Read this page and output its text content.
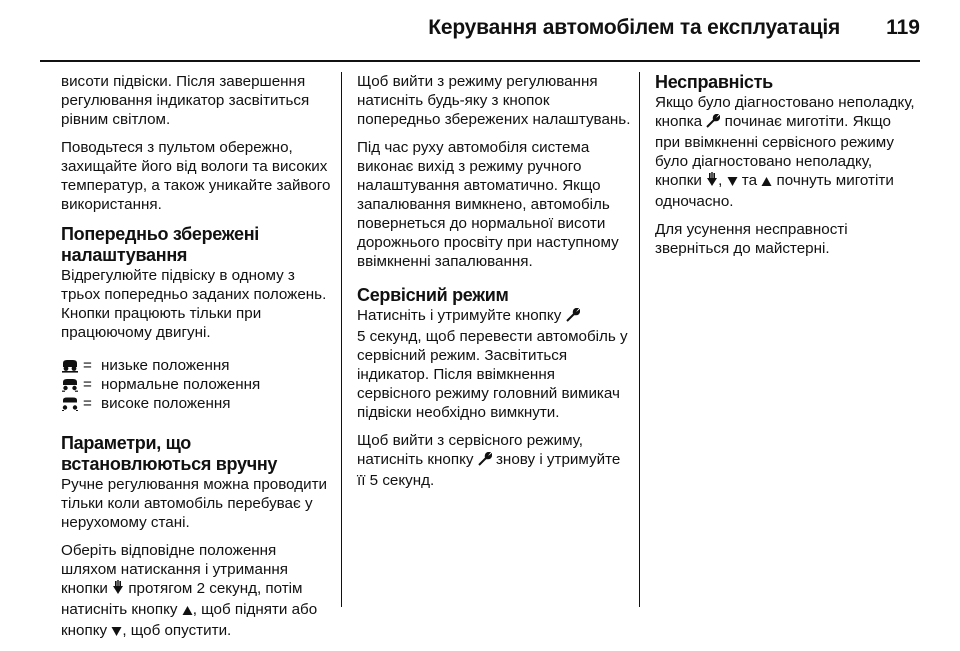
Керування автомобілем та експлуатація 119

висоти підвіски. Після завершення регулювання індикатор засвітиться рівним світлом.

Поводьтеся з пультом обережно, захищайте його від вологи та високих температур, а також уникайте зайвого використання.

Попередньо збережені налаштування

Відрегулюйте підвіску в одному з трьох попередньо заданих положень. Кнопки працюють тільки при працюючому двигуні.

= низьке положення
= нормальне положення
= високе положення
Параметри, що встановлюються вручну

Ручне регулювання можна проводити тільки коли автомобіль перебуває у нерухомому стані.

Оберіть відповідне положення шляхом натискання і утримання кнопки протягом 2 секунд, потім натисніть кнопку , щоб підняти або кнопку , щоб опустити.

Щоб вийти з режиму регулювання натисніть будь-яку з кнопок попередньо збережених налаштувань.

Під час руху автомобіля система виконає вихід з режиму ручного налаштування автоматично. Якщо запалювання вимкнено, автомобіль повернеться до нормальної висоти дорожнього просвіту при наступному ввімкненні запалювання.

Сервісний режим

Натисніть і утримуйте кнопку
5 секунд, щоб перевести автомобіль у сервісний режим. Засвітиться індикатор. Після ввімкнення сервісного режиму головний вимикач підвіски необхідно вимкнути.

Щоб вийти з сервісного режиму, натисніть кнопку знову і утримуйте її 5 секунд.

Несправність

Якщо було діагностовано неполадку, кнопка починає миготіти. Якщо при ввімкненні сервісного режиму було діагностовано неполадку, кнопки , та почнуть миготіти одночасно.

Для усунення несправності зверніться до майстерні.
